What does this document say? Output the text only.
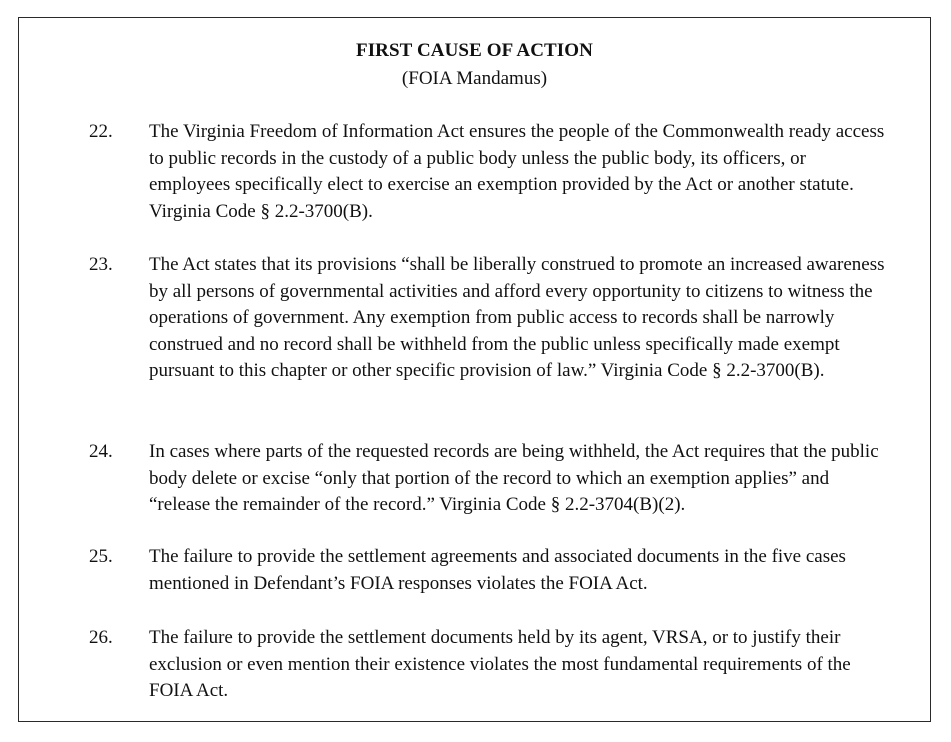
FIRST CAUSE OF ACTION
(FOIA Mandamus)
22.	The Virginia Freedom of Information Act ensures the people of the Commonwealth ready access to public records in the custody of a public body unless the public body, its officers, or employees specifically elect to exercise an exemption provided by the Act or another statute. Virginia Code § 2.2-3700(B).
23.	The Act states that its provisions “shall be liberally construed to promote an increased awareness by all persons of governmental activities and afford every opportunity to citizens to witness the operations of government. Any exemption from public access to records shall be narrowly construed and no record shall be withheld from the public unless specifically made exempt pursuant to this chapter or other specific provision of law.” Virginia Code § 2.2-3700(B).
24.	In cases where parts of the requested records are being withheld, the Act requires that the public body delete or excise “only that portion of the record to which an exemption applies” and “release the remainder of the record.” Virginia Code § 2.2-3704(B)(2).
25.	The failure to provide the settlement agreements and associated documents in the five cases mentioned in Defendant’s FOIA responses violates the FOIA Act.
26.	The failure to provide the settlement documents held by its agent, VRSA, or to justify their exclusion or even mention their existence violates the most fundamental requirements of the FOIA Act.
